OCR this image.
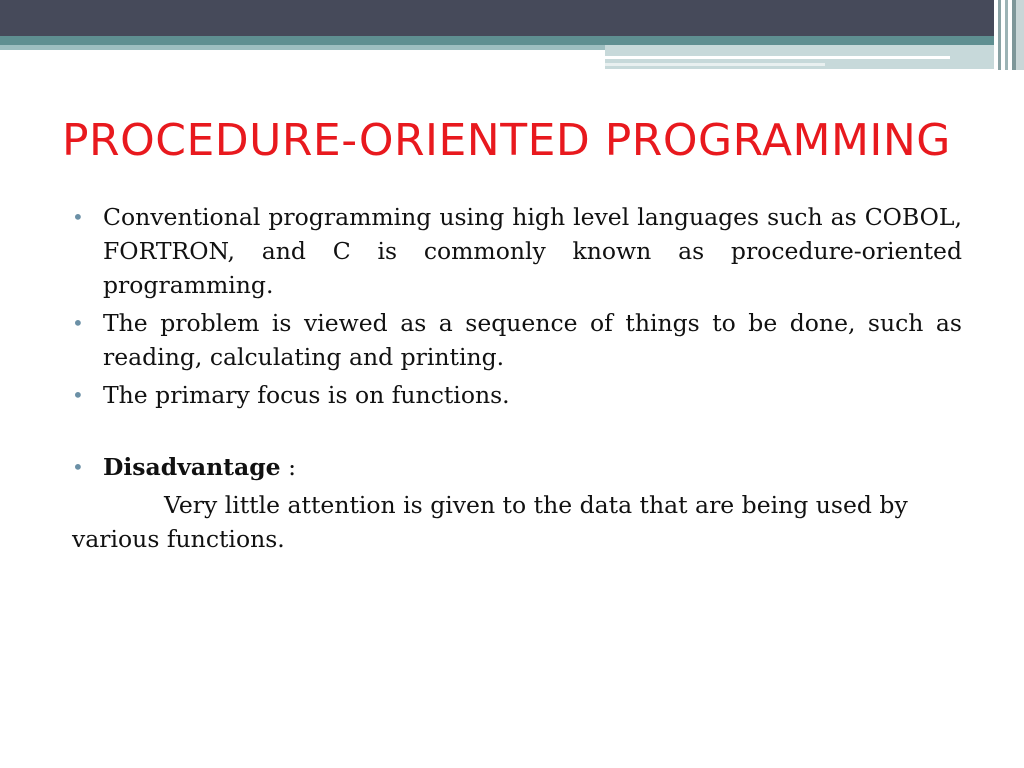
PROCEDURE-ORIENTED PROGRAMMING
• Conventional programming using high level languages such as COBOL, FORTRON, and C is commonly known as procedure-oriented programming.
• The problem is viewed as a sequence of things to be done, such as reading, calculating and printing.
• The primary focus is on functions.
• Disadvantage :

Very little attention is given to the data that are being used by various functions.
